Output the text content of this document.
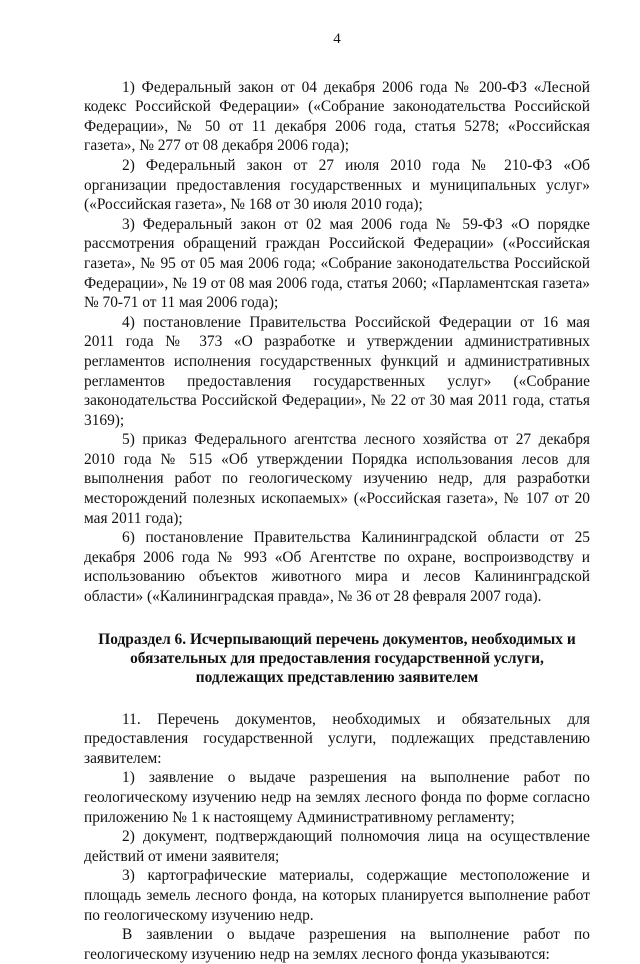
4

1) Федеральный закон от 04 декабря 2006 года № 200-ФЗ «Лесной кодекс Российской Федерации» («Собрание законодательства Российской Федерации», № 50 от 11 декабря 2006 года, статья 5278; «Российская газета», № 277 от 08 декабря 2006 года);

2) Федеральный закон от 27 июля 2010 года № 210-ФЗ «Об организации предоставления государственных и муниципальных услуг» («Российская газета», № 168 от 30 июля 2010 года);

3) Федеральный закон от 02 мая 2006 года № 59-ФЗ «О порядке рассмотрения обращений граждан Российской Федерации» («Российская газета», № 95 от 05 мая 2006 года; «Собрание законодательства Российской Федерации», № 19 от 08 мая 2006 года, статья 2060; «Парламентская газета» № 70-71 от 11 мая 2006 года);

4) постановление Правительства Российской Федерации от 16 мая 2011 года № 373 «О разработке и утверждении административных регламентов исполнения государственных функций и административных регламентов предоставления государственных услуг» («Собрание законодательства Российской Федерации», № 22 от 30 мая 2011 года, статья 3169);

5) приказ Федерального агентства лесного хозяйства от 27 декабря 2010 года № 515 «Об утверждении Порядка использования лесов для выполнения работ по геологическому изучению недр, для разработки месторождений полезных ископаемых» («Российская газета», № 107 от 20 мая 2011 года);

6) постановление Правительства Калининградской области от 25 декабря 2006 года № 993 «Об Агентстве по охране, воспроизводству и использованию объектов животного мира и лесов Калининградской области» («Калининградская правда», № 36 от 28 февраля 2007 года).

Подраздел 6. Исчерпывающий перечень документов, необходимых и обязательных для предоставления государственной услуги, подлежащих представлению заявителем

11. Перечень документов, необходимых и обязательных для предоставления государственной услуги, подлежащих представлению заявителем:

1) заявление о выдаче разрешения на выполнение работ по геологическому изучению недр на землях лесного фонда по форме согласно приложению № 1 к настоящему Административному регламенту;

2) документ, подтверждающий полномочия лица на осуществление действий от имени заявителя;

3) картографические материалы, содержащие местоположение и площадь земель лесного фонда, на которых планируется выполнение работ по геологическому изучению недр.

В заявлении о выдаче разрешения на выполнение работ по геологическому изучению недр на землях лесного фонда указываются:
